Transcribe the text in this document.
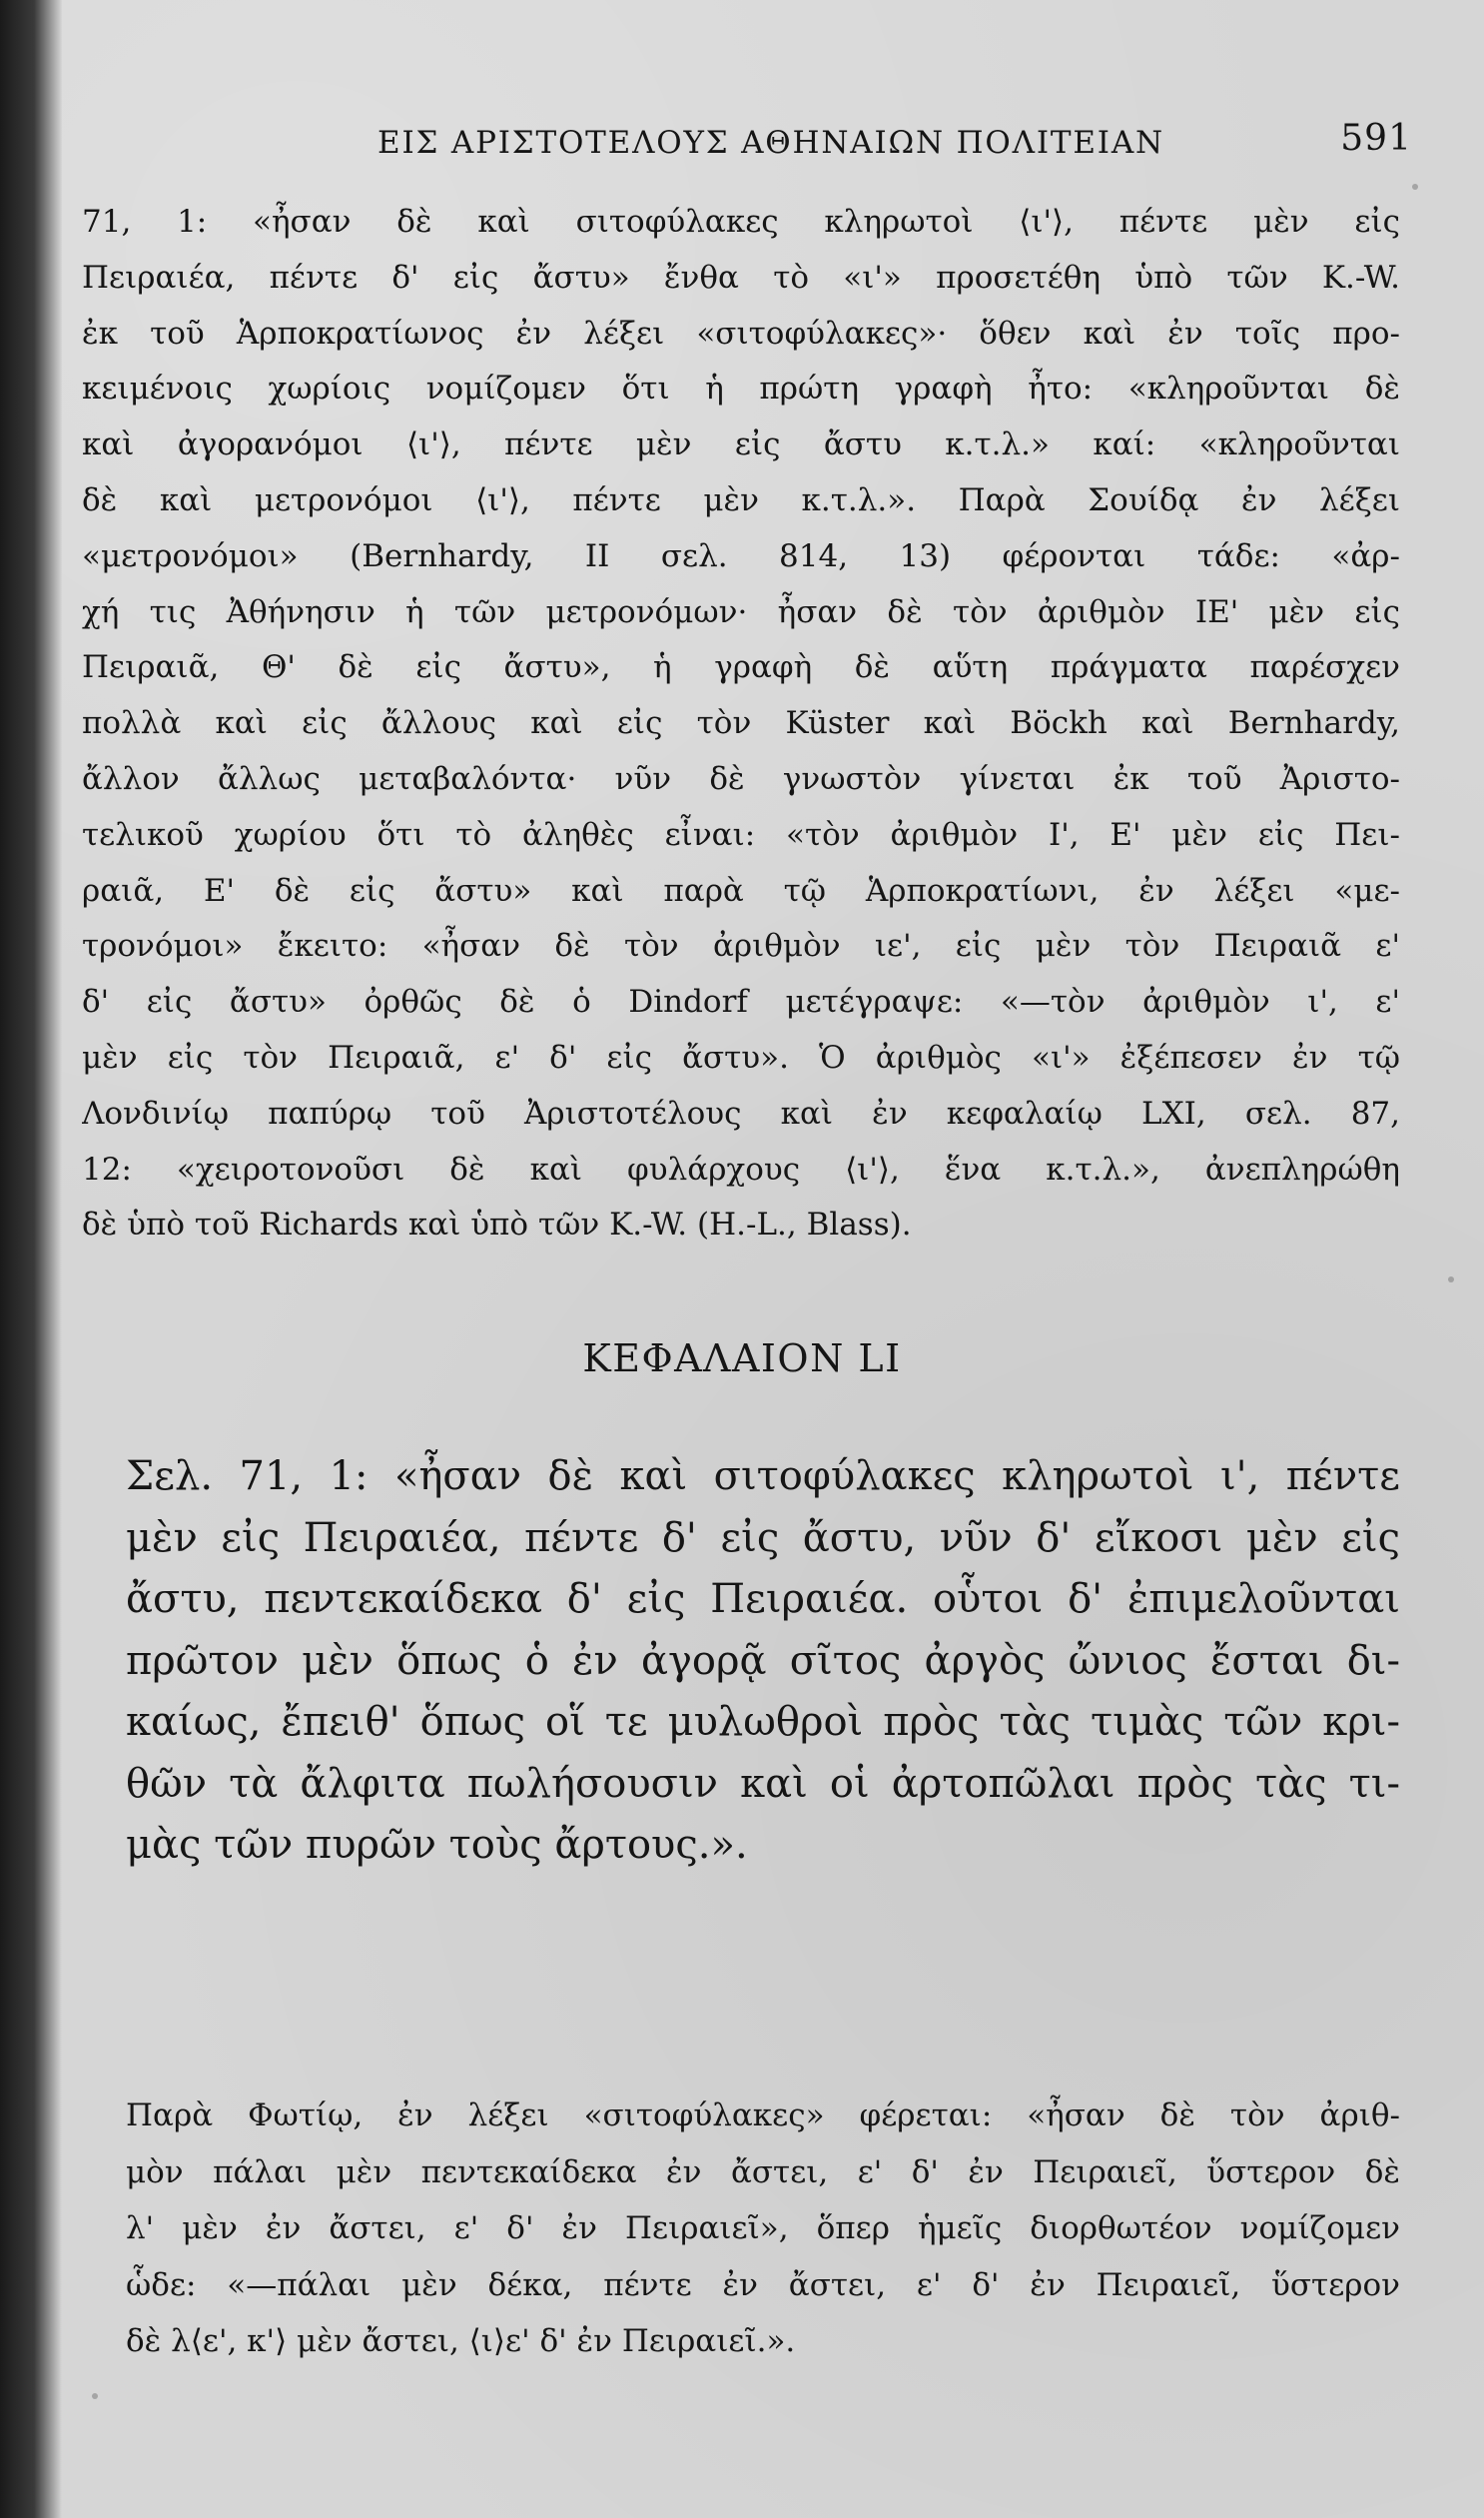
ΕΙΣ ΑΡΙΣΤΟΤΕΛΟΥΣ ΑΘΗΝΑΙΩΝ ΠΟΛΙΤΕΙΑΝ	591
71, 1: «ἦσαν δὲ καὶ σιτοφύλακες κληρωτοὶ ⟨ι'⟩, πέντε μὲν εἰς
Πειραιέα, πέντε δ' εἰς ἄστυ» ἔνθα τὸ «ι'» προσετέθη ὑπὸ τῶν K.-W.
ἐκ τοῦ Ἁρποκρατίωνος ἐν λέξει «σιτοφύλακες»· ὅθεν καὶ ἐν τοῖς προ-
κειμένοις χωρίοις νομίζομεν ὅτι ἡ πρώτη γραφὴ ἦτο: «κληροῦνται δὲ
καὶ ἀγορανόμοι ⟨ι'⟩, πέντε μὲν εἰς ἄστυ κ.τ.λ.» καί: «κληροῦνται
δὲ καὶ μετρονόμοι ⟨ι'⟩, πέντε μὲν κ.τ.λ.». Παρὰ Σουίδᾳ ἐν λέξει
«μετρονόμοι» (Bernhardy, II σελ. 814, 13) φέρονται τάδε: «ἀρ-
χή τις Ἀθήνησιν ἡ τῶν μετρονόμων· ἦσαν δὲ τὸν ἀριθμὸν ΙΕ' μὲν εἰς
Πειραιᾶ, Θ' δὲ εἰς ἄστυ», ἡ γραφὴ δὲ αὕτη πράγματα παρέσχεν
πολλὰ καὶ εἰς ἄλλους καὶ εἰς τὸν Küster καὶ Böckh καὶ Bernhardy,
ἄλλον ἄλλως μεταβαλόντα· νῦν δὲ γνωστὸν γίνεται ἐκ τοῦ Ἀριστο-
τελικοῦ χωρίου ὅτι τὸ ἀληθὲς εἶναι: «τὸν ἀριθμὸν Ι', Ε' μὲν εἰς Πει-
ραιᾶ, Ε' δὲ εἰς ἄστυ» καὶ παρὰ τῷ Ἁρποκρατίωνι, ἐν λέξει «με-
τρονόμοι» ἔκειτο: «ἦσαν δὲ τὸν ἀριθμὸν ιε', εἰς μὲν τὸν Πειραιᾶ ε'
δ' εἰς ἄστυ» ὀρθῶς δὲ ὁ Dindorf μετέγραψε: «—τὸν ἀριθμὸν ι', ε'
μὲν εἰς τὸν Πειραιᾶ, ε' δ' εἰς ἄστυ». Ὁ ἀριθμὸς «ι'» ἐξέπεσεν ἐν τῷ
Λονδινίῳ παπύρῳ τοῦ Ἀριστοτέλους καὶ ἐν κεφαλαίῳ LXI, σελ. 87,
12: «χειροτονοῦσι δὲ καὶ φυλάρχους ⟨ι'⟩, ἕνα κ.τ.λ.», ἀνεπληρώθη
δὲ ὑπὸ τοῦ Richards καὶ ὑπὸ τῶν K.-W. (H.-L., Blass).
ΚΕΦΑΛΑΙΟΝ LI
Σελ. 71, 1: «ἦσαν δὲ καὶ σιτοφύλακες κληρωτοὶ ι', πέντε
μὲν εἰς Πειραιέα, πέντε δ' εἰς ἄστυ, νῦν δ' εἴκοσι μὲν εἰς
ἄστυ, πεντεκαίδεκα δ' εἰς Πειραιέα. οὗτοι δ' ἐπιμελοῦνται
πρῶτον μὲν ὅπως ὁ ἐν ἀγορᾷ σῖτος ἀργὸς ὤνιος ἔσται δι-
καίως, ἔπειθ' ὅπως οἵ τε μυλωθροὶ πρὸς τὰς τιμὰς τῶν κρι-
θῶν τὰ ἄλφιτα πωλήσουσιν καὶ οἱ ἀρτοπῶλαι πρὸς τὰς τι-
μὰς τῶν πυρῶν τοὺς ἄρτους.».
Παρὰ Φωτίῳ, ἐν λέξει «σιτοφύλακες» φέρεται: «ἦσαν δὲ τὸν ἀριθ-
μὸν πάλαι μὲν πεντεκαίδεκα ἐν ἄστει, ε' δ' ἐν Πειραιεῖ, ὕστερον δὲ
λ' μὲν ἐν ἄστει, ε' δ' ἐν Πειραιεῖ», ὅπερ ἡμεῖς διορθωτέον νομίζομεν
ὧδε: «—πάλαι μὲν δέκα, πέντε ἐν ἄστει, ε' δ' ἐν Πειραιεῖ, ὕστερον
δὲ λ⟨ε', κ'⟩ μὲν ἄστει, ⟨ι⟩ε' δ' ἐν Πειραιεῖ.».
